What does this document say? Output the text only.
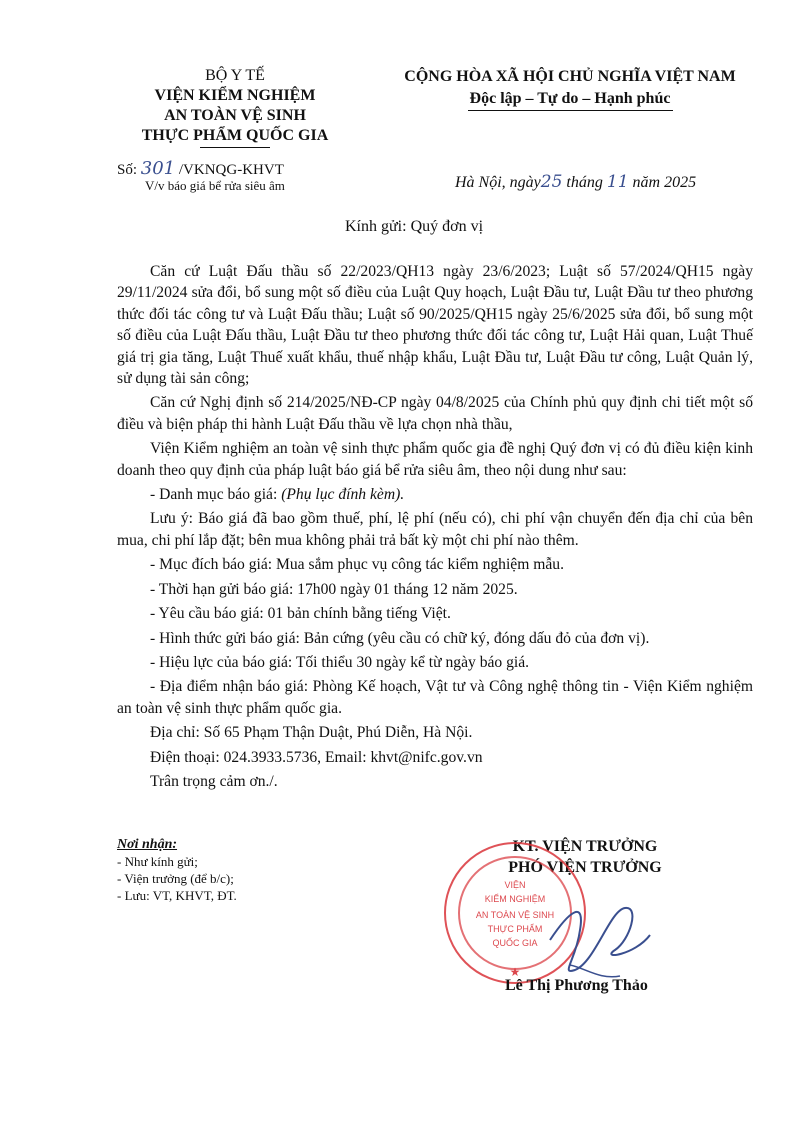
BỘ Y TẾ
VIỆN KIỂM NGHIỆM
AN TOÀN VỆ SINH
THỰC PHẨM QUỐC GIA
Số: 301 /VKNQG-KHVT
V/v báo giá bể rửa siêu âm
CỘNG HÒA XÃ HỘI CHỦ NGHĨA VIỆT NAM
Độc lập – Tự do – Hạnh phúc
Hà Nội, ngày25 tháng 11 năm 2025
Kính gửi: Quý đơn vị

Căn cứ Luật Đấu thầu số 22/2023/QH13 ngày 23/6/2023; Luật số 57/2024/QH15 ngày 29/11/2024 sửa đổi, bổ sung một số điều của Luật Quy hoạch, Luật Đầu tư, Luật Đầu tư theo phương thức đối tác công tư và Luật Đấu thầu; Luật số 90/2025/QH15 ngày 25/6/2025 sửa đổi, bổ sung một số điều của Luật Đấu thầu, Luật Đầu tư theo phương thức đối tác công tư, Luật Hải quan, Luật Thuế giá trị gia tăng, Luật Thuế xuất khẩu, thuế nhập khẩu, Luật Đầu tư, Luật Đầu tư công, Luật Quản lý, sử dụng tài sản công;

Căn cứ Nghị định số 214/2025/NĐ-CP ngày 04/8/2025 của Chính phủ quy định chi tiết một số điều và biện pháp thi hành Luật Đấu thầu về lựa chọn nhà thầu,

Viện Kiểm nghiệm an toàn vệ sinh thực phẩm quốc gia đề nghị Quý đơn vị có đủ điều kiện kinh doanh theo quy định của pháp luật báo giá bể rửa siêu âm, theo nội dung như sau:

- Danh mục báo giá: (Phụ lục đính kèm).

Lưu ý: Báo giá đã bao gồm thuế, phí, lệ phí (nếu có), chi phí vận chuyển đến địa chỉ của bên mua, chi phí lắp đặt; bên mua không phải trả bất kỳ một chi phí nào thêm.

- Mục đích báo giá: Mua sắm phục vụ công tác kiểm nghiệm mẫu.

- Thời hạn gửi báo giá: 17h00 ngày 01 tháng 12 năm 2025.

- Yêu cầu báo giá: 01 bản chính bằng tiếng Việt.

- Hình thức gửi báo giá: Bản cứng (yêu cầu có chữ ký, đóng dấu đỏ của đơn vị).

- Hiệu lực của báo giá: Tối thiểu 30 ngày kể từ ngày báo giá.

- Địa điểm nhận báo giá: Phòng Kế hoạch, Vật tư và Công nghệ thông tin - Viện Kiểm nghiệm an toàn vệ sinh thực phẩm quốc gia.

Địa chỉ: Số 65 Phạm Thận Duật, Phú Diễn, Hà Nội.

Điện thoại: 024.3933.5736, Email: khvt@nifc.gov.vn

Trân trọng cảm ơn./.

Nơi nhận:
- Như kính gửi;
- Viện trưởng (để b/c);
- Lưu: VT, KHVT, ĐT.
KT. VIỆN TRƯỞNG
PHÓ VIỆN TRƯỞNG
VIỆN
KIỂM NGHIỆM
AN TOÀN VỆ SINH
THỰC PHẨM
QUỐC GIA
★
Lê Thị Phương Thảo
